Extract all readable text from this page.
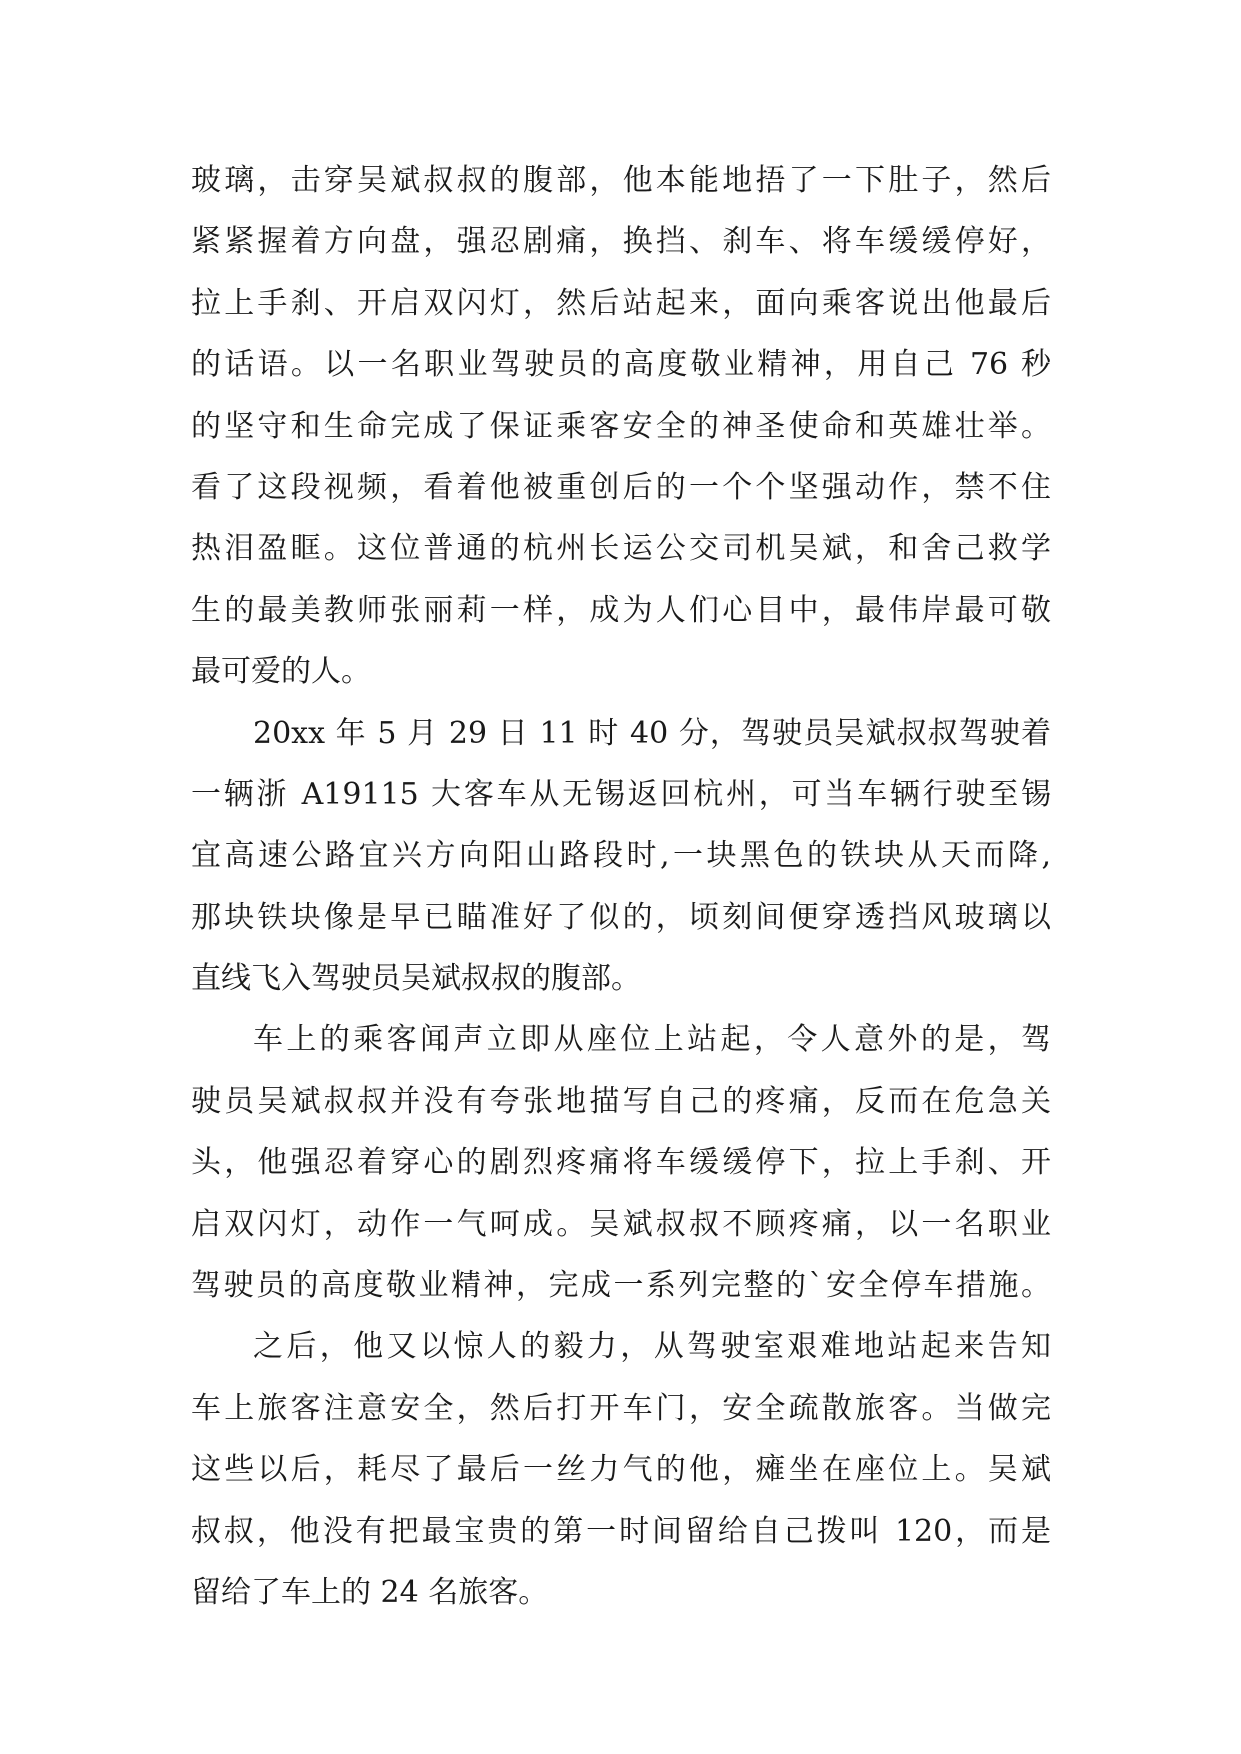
玻璃，击穿吴斌叔叔的腹部，他本能地捂了一下肚子，然后
紧紧握着方向盘，强忍剧痛，换挡、刹车、将车缓缓停好，
拉上手刹、开启双闪灯，然后站起来，面向乘客说出他最后
的话语。以一名职业驾驶员的高度敬业精神，用自己 76 秒
的坚守和生命完成了保证乘客安全的神圣使命和英雄壮举。
看了这段视频，看着他被重创后的一个个坚强动作，禁不住
热泪盈眶。这位普通的杭州长运公交司机吴斌，和舍己救学
生的最美教师张丽莉一样，成为人们心目中，最伟岸最可敬
最可爱的人。
20xx 年 5 月 29 日 11 时 40 分，驾驶员吴斌叔叔驾驶着
一辆浙 A19115 大客车从无锡返回杭州，可当车辆行驶至锡
宜高速公路宜兴方向阳山路段时,一块黑色的铁块从天而降,
那块铁块像是早已瞄准好了似的，顷刻间便穿透挡风玻璃以
直线飞入驾驶员吴斌叔叔的腹部。
车上的乘客闻声立即从座位上站起，令人意外的是，驾
驶员吴斌叔叔并没有夸张地描写自己的疼痛，反而在危急关
头，他强忍着穿心的剧烈疼痛将车缓缓停下，拉上手刹、开
启双闪灯，动作一气呵成。吴斌叔叔不顾疼痛，以一名职业
驾驶员的高度敬业精神，完成一系列完整的`安全停车措施。
之后，他又以惊人的毅力，从驾驶室艰难地站起来告知
车上旅客注意安全，然后打开车门，安全疏散旅客。当做完
这些以后，耗尽了最后一丝力气的他，瘫坐在座位上。吴斌
叔叔，他没有把最宝贵的第一时间留给自己拨叫 120，而是
留给了车上的 24 名旅客。
